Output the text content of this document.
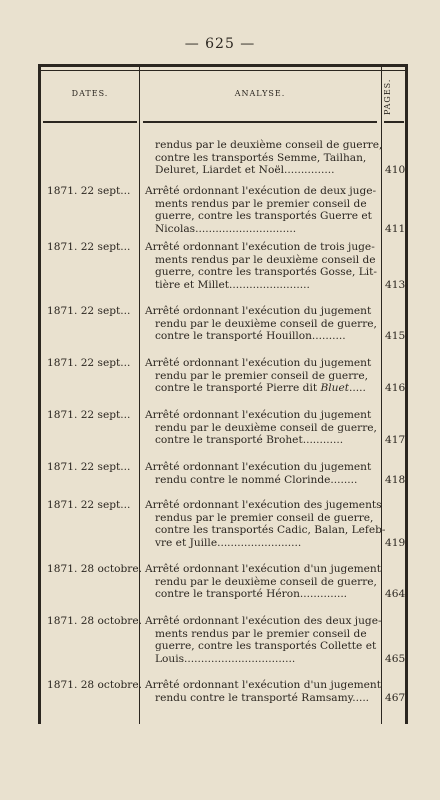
— 625 —
DATES.	ANALYSE.	PAGES.
rendus par le deuxième conseil de guerre,
contre les transportés Semme, Tailhan,
Deluret, Liardet et Noël...............	410
1871. 22 sept...	Arrêté ordonnant l'exécution de deux juge-
ments rendus par le premier conseil de
guerre, contre les transportés Guerre et
Nicolas..............................	411
1871. 22 sept...	Arrêté ordonnant l'exécution de trois juge-
ments rendus par le deuxième conseil de
guerre, contre les transportés Gosse, Lit-
tière et Millet........................	413
1871. 22 sept...	Arrêté ordonnant l'exécution du jugement
rendu par le deuxième conseil de guerre,
contre le transporté Houillon..........	415
1871. 22 sept...	Arrêté ordonnant l'exécution du jugement
rendu par le premier conseil de guerre,
contre le transporté Pierre dit Bluet.....	416
1871. 22 sept...	Arrêté ordonnant l'exécution du jugement
rendu par le deuxième conseil de guerre,
contre le transporté Brohet............	417
1871. 22 sept...	Arrêté ordonnant l'exécution du jugement
rendu contre le nommé Clorinde........	418
1871. 22 sept...	Arrêté ordonnant l'exécution des jugements
rendus par le premier conseil de guerre,
contre les transportés Cadic, Balan, Lefeb-
vre et Juille.........................	419
1871. 28 octobre. Arrêté ordonnant l'exécution d'un jugement
rendu par le deuxième conseil de guerre,
contre le transporté Héron..............	464
1871. 28 octobre. Arrêté ordonnant l'exécution des deux juge-
ments rendus par le premier conseil de
guerre, contre les transportés Collette et
Louis.................................	465
1871. 28 octobre. Arrêté ordonnant l'exécution d'un jugement
rendu contre le transporté Ramsamy.....	467
